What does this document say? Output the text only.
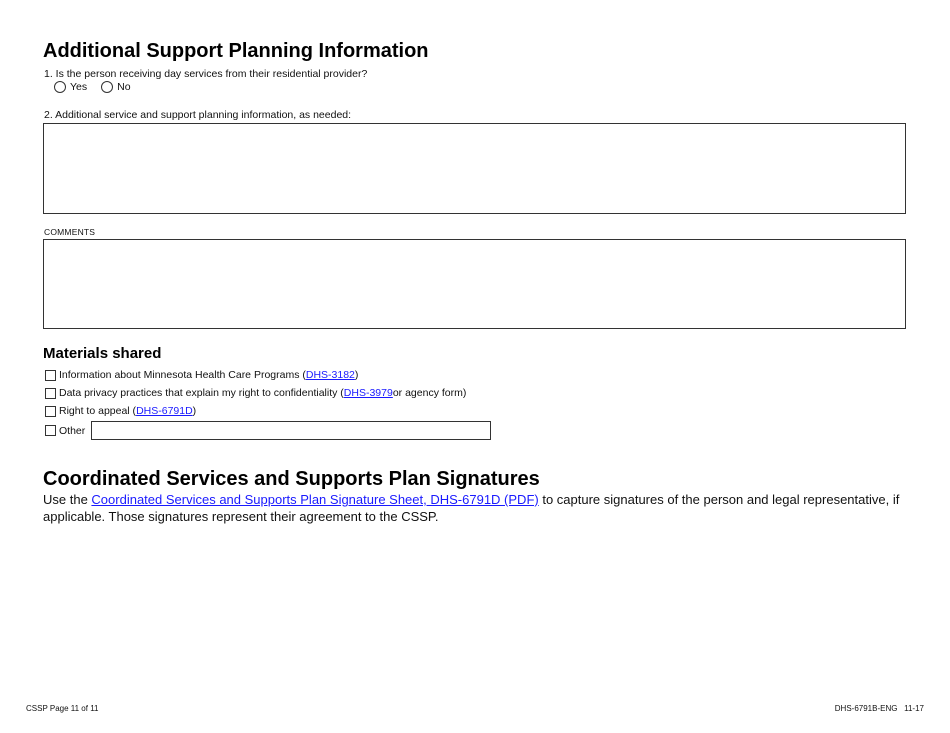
Additional Support Planning Information
1. Is the person receiving day services from their residential provider?
Yes	No
2. Additional service and support planning information, as needed:
COMMENTS
Materials shared
Information about Minnesota Health Care Programs ( DHS-3182 )
Data privacy practices that explain my right to confidentiality ( DHS-3979 or agency form)
Right to appeal ( DHS-6791D )
Other
Coordinated Services and Supports Plan Signatures
Use the Coordinated Services and Supports Plan Signature Sheet, DHS-6791D (PDF) to capture signatures of the person and legal representative, if applicable. Those signatures represent their agreement to the CSSP.
CSSP Page 11 of 11	DHS-6791B-ENG   11-17
